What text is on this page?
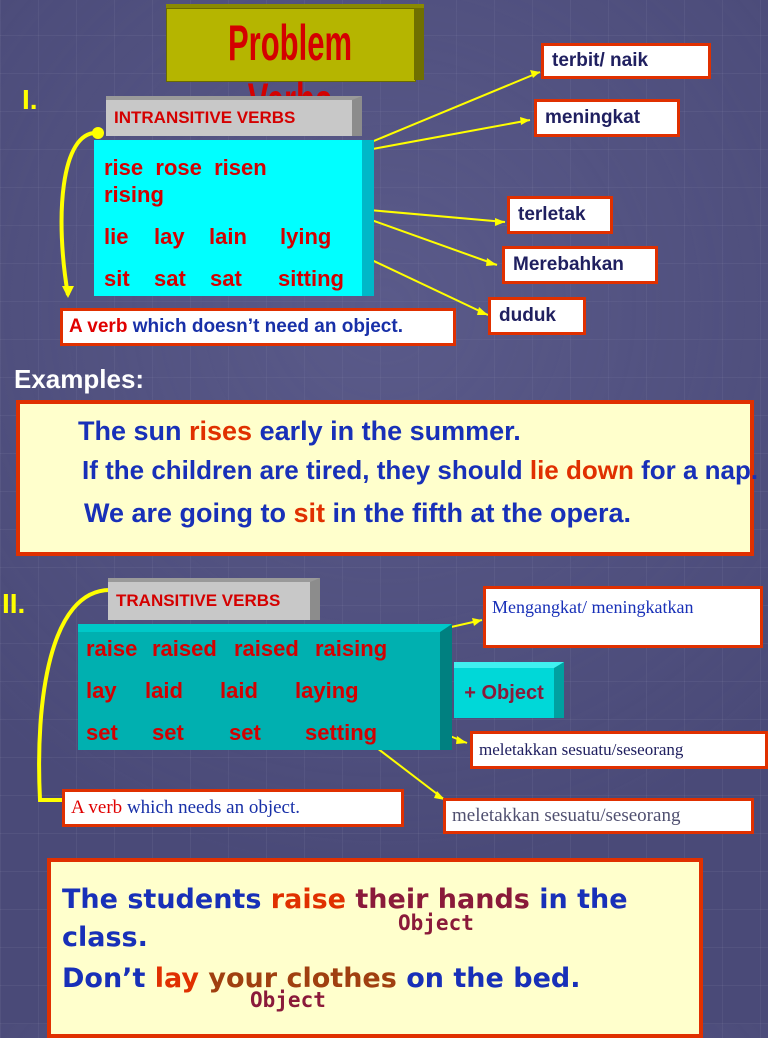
Problem
I.
INTRANSITIVE VERBS
rise rose risen
rising
lie lay lain lying
sit sat sat sitting
A verb
which doesn’t need an object.
terbit/ naik
meningkat
terletak
Merebahkan
duduk
Examples:
The sun rises early in the summer.
If the children are tired, they should lie down for a nap.
We are going to sit in the fifth at the opera.
II.	TRANSITIVE VERBS
raise raised raised raising
lay laid laid laying
set set set setting
+ Object
A verb
which needs an object.
Mengangkat/ meningkatkan
meletakkan sesuatu/seseorang
meletakkan sesuatu/seseorang
The students raise their hands in the
class.	Object
Don’t lay your clothes on the bed.
Object
